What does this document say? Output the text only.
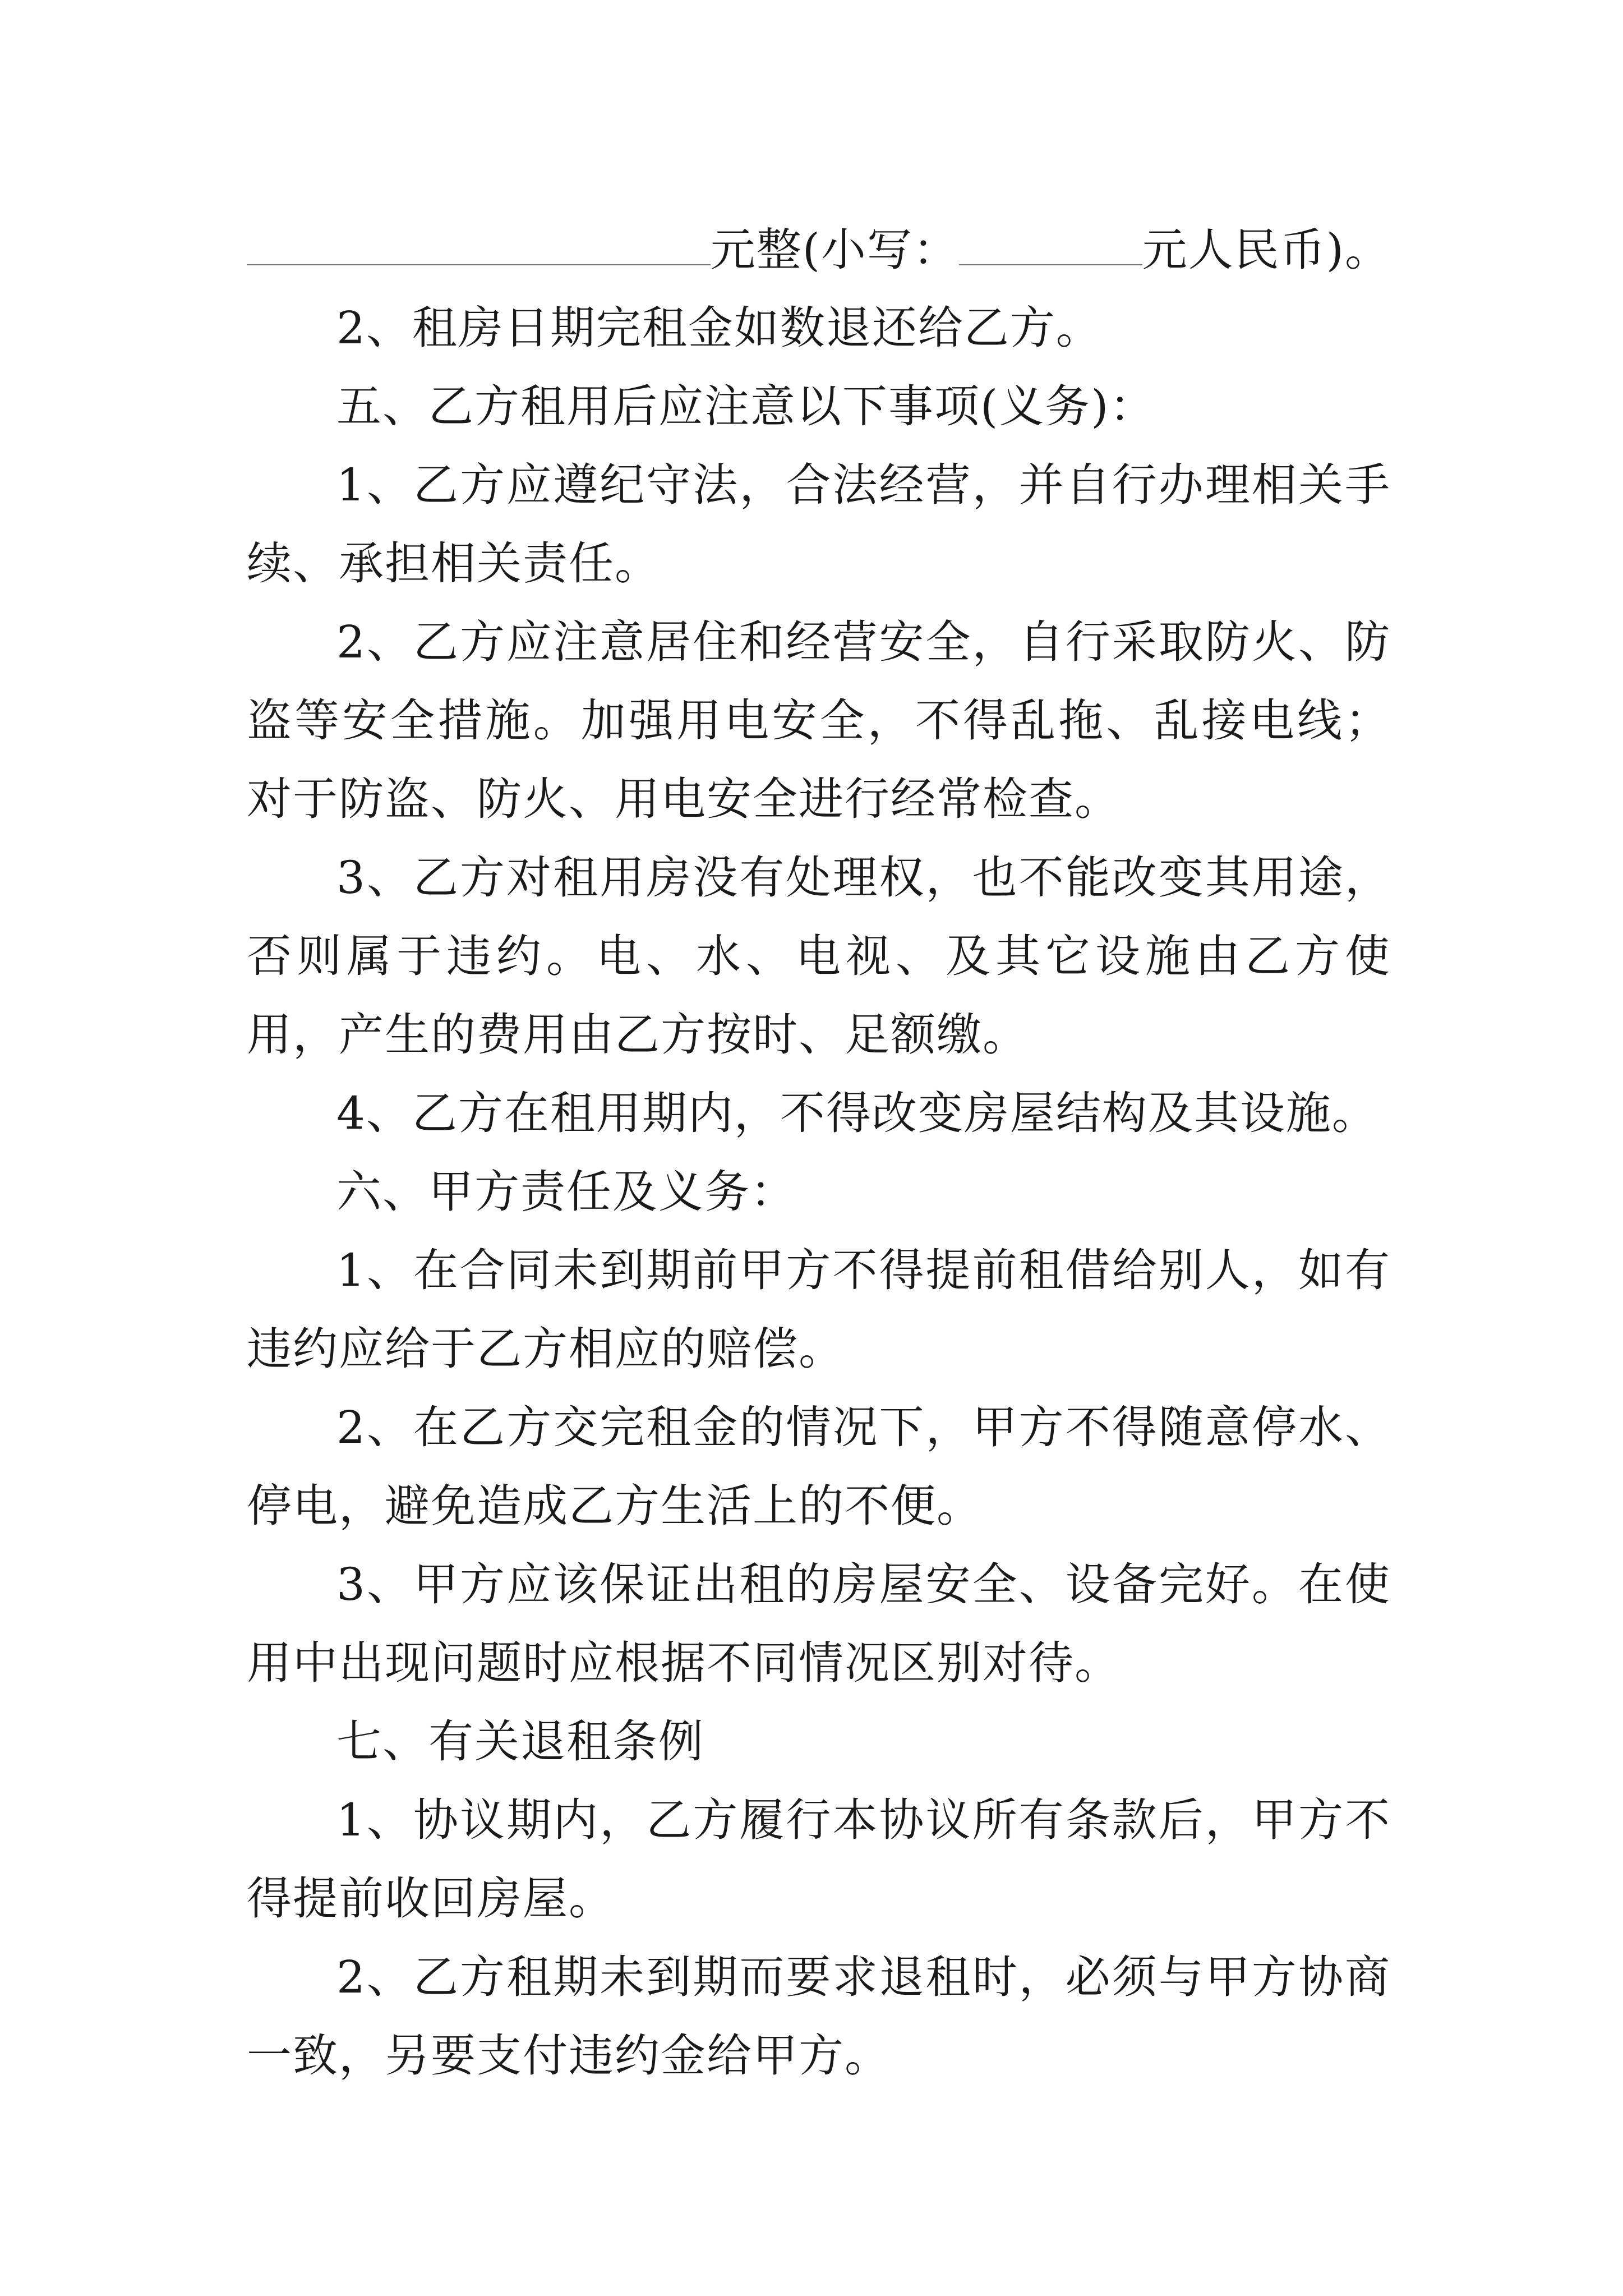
元整(小写：	元人民币)。

2、租房日期完租金如数退还给乙方。

五、乙方租用后应注意以下事项(义务)：

1、乙方应遵纪守法，合法经营，并自行办理相关手续、承担相关责任。

2、乙方应注意居住和经营安全，自行采取防火、防盗等安全措施。加强用电安全，不得乱拖、乱接电线；对于防盗、防火、用电安全进行经常检查。

3、乙方对租用房没有处理权，也不能改变其用途，否则属于违约。电、水、电视、及其它设施由乙方使用，产生的费用由乙方按时、足额缴。

4、乙方在租用期内，不得改变房屋结构及其设施。

六、甲方责任及义务：

1、在合同未到期前甲方不得提前租借给别人，如有违约应给于乙方相应的赔偿。

2、在乙方交完租金的情况下，甲方不得随意停水、停电，避免造成乙方生活上的不便。

3、甲方应该保证出租的房屋安全、设备完好。在使用中出现问题时应根据不同情况区别对待。

七、有关退租条例

1、协议期内，乙方履行本协议所有条款后，甲方不得提前收回房屋。

2、乙方租期未到期而要求退租时，必须与甲方协商一致，另要支付违约金给甲方。
